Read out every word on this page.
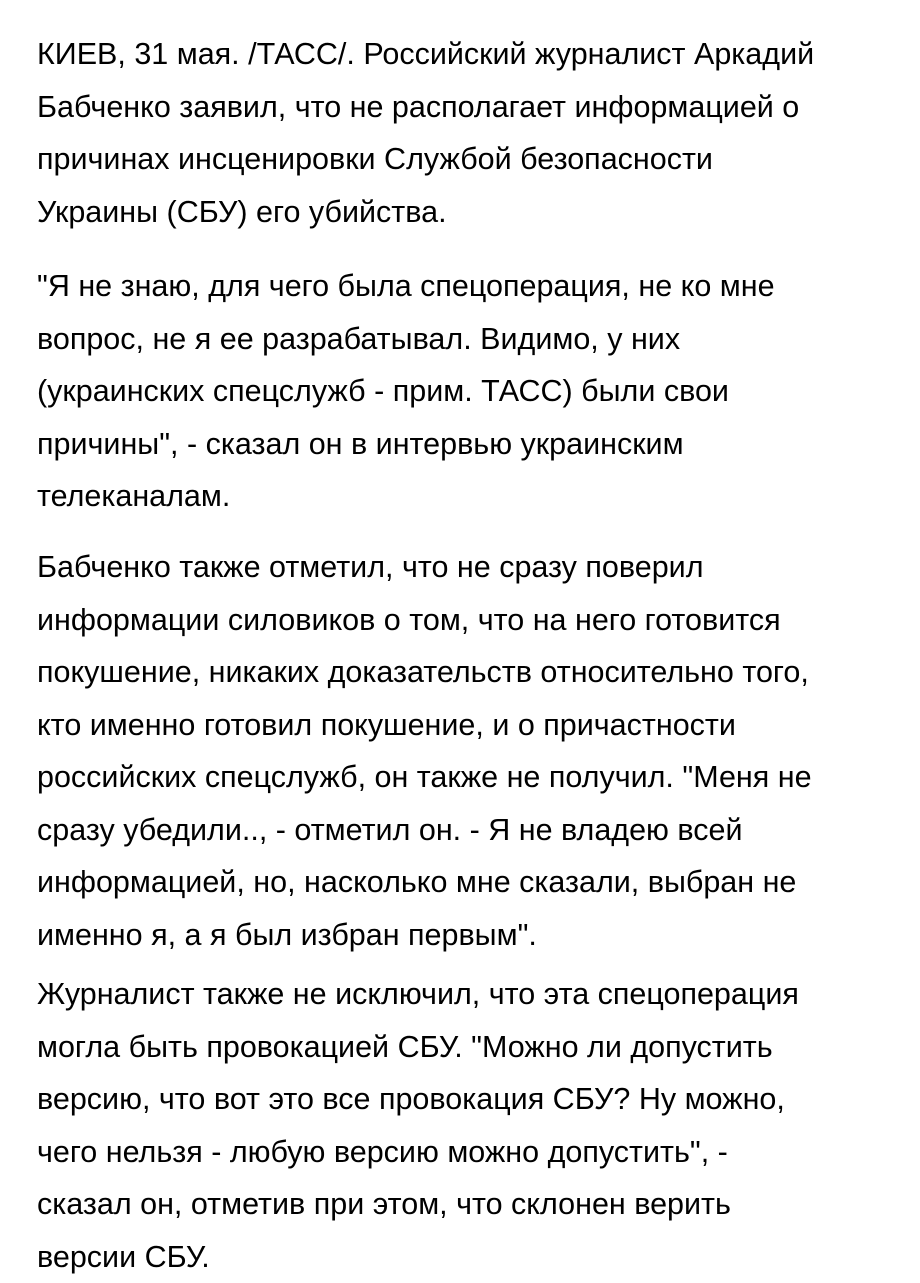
КИЕВ, 31 мая. /ТАСС/. Российский журналист Аркадий
Бабченко заявил, что не располагает информацией о
причинах инсценировки Службой безопасности
Украины (СБУ) его убийства.
"Я не знаю, для чего была спецоперация, не ко мне
вопрос, не я ее разрабатывал. Видимо, у них
(украинских спецслужб - прим. ТАСС) были свои
причины", - сказал он в интервью украинским
телеканалам.
Бабченко также отметил, что не сразу поверил
информации силовиков о том, что на него готовится
покушение, никаких доказательств относительно того,
кто именно готовил покушение, и о причастности
российских спецслужб, он также не получил. "Меня не
сразу убедили.., - отметил он. - Я не владею всей
информацией, но, насколько мне сказали, выбран не
именно я, а я был избран первым".
Журналист также не исключил, что эта спецоперация
могла быть провокацией СБУ. "Можно ли допустить
версию, что вот это все провокация СБУ? Ну можно,
чего нельзя - любую версию можно допустить", -
сказал он, отметив при этом, что склонен верить
версии СБУ.
